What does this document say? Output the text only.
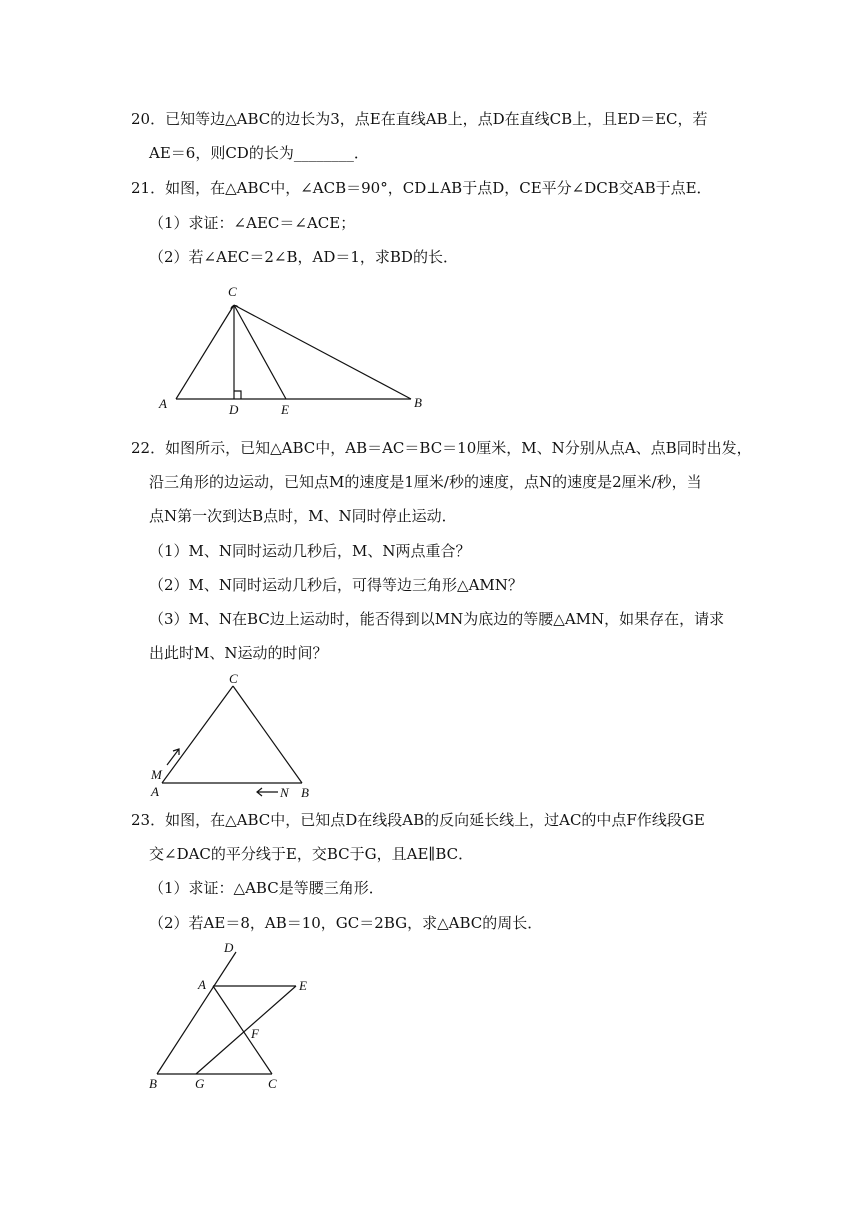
20．已知等边△ABC的边长为3，点E在直线AB上，点D在直线CB上，且ED＝EC，若
AE＝6，则CD的长为________．
21．如图，在△ABC中，∠ACB＝90°，CD⊥AB于点D，CE平分∠DCB交AB于点E．
（1）求证：∠AEC＝∠ACE；
（2）若∠AEC＝2∠B，AD＝1，求BD的长．
C
A	D	E	B
22．如图所示，已知△ABC中，AB＝AC＝BC＝10厘米，M、N分别从点A、点B同时出发，
沿三角形的边运动，已知点M的速度是1厘米/秒的速度，点N的速度是2厘米/秒，当
点N第一次到达B点时，M、N同时停止运动．
（1）M、N同时运动几秒后，M、N两点重合？
（2）M、N同时运动几秒后，可得等边三角形△AMN？
（3）M、N在BC边上运动时，能否得到以MN为底边的等腰△AMN，如果存在，请求
出此时M、N运动的时间？
C
M
A	N B
23．如图，在△ABC中，已知点D在线段AB的反向延长线上，过AC的中点F作线段GE
交∠DAC的平分线于E，交BC于G，且AE∥BC．
（1）求证：△ABC是等腰三角形．
（2）若AE＝8，AB＝10，GC＝2BG，求△ABC的周长．
D
A	E
F
B	G	C
